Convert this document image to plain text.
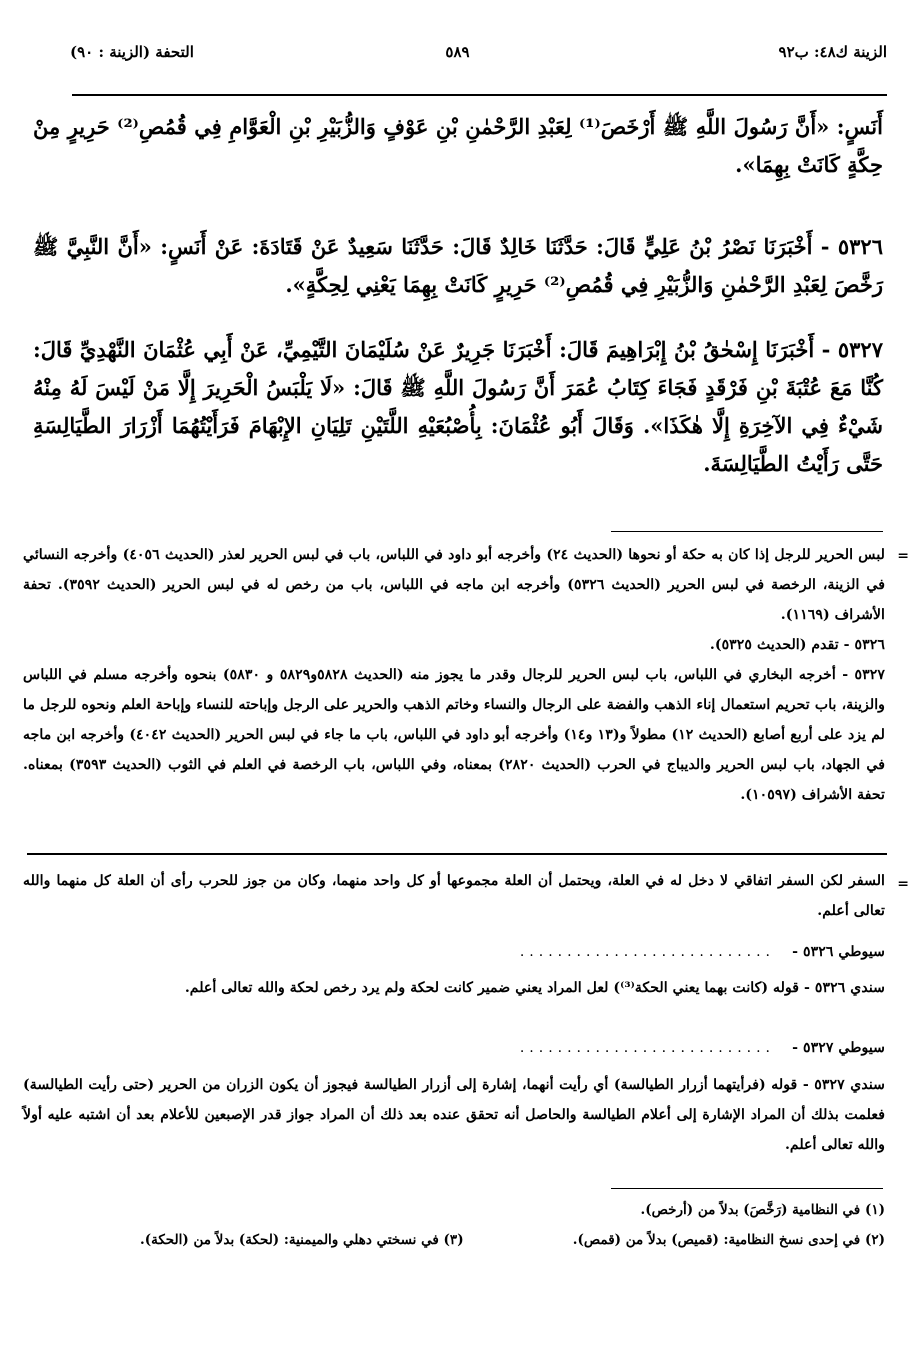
الزينة ك٤٨: ب٩٢
٥٨٩
التحفة (الزينة : ٩٠)

أَنَسٍ: «أَنَّ رَسُولَ اللَّهِ ﷺ أَرْخَصَ⁽¹⁾ لِعَبْدِ الرَّحْمٰنِ بْنِ عَوْفٍ وَالزُّبَيْرِ بْنِ الْعَوَّامِ فِي قُمُصِ⁽²⁾ حَرِيرٍ مِنْ حِكَّةٍ كَانَتْ بِهِمَا».

٥٣٢٦ - أَخْبَرَنَا نَصْرُ بْنُ عَلِيٍّ قَالَ: حَدَّثَنَا خَالِدٌ قَالَ: حَدَّثَنَا سَعِيدٌ عَنْ قَتَادَةَ: عَنْ أَنَسٍ: «أَنَّ النَّبِيَّ ﷺ رَخَّصَ لِعَبْدِ الرَّحْمٰنِ وَالزُّبَيْرِ فِي قُمُصِ⁽²⁾ حَرِيرٍ كَانَتْ بِهِمَا يَعْنِي لِحِكَّةٍ».

٥٣٢٧ - أَخْبَرَنَا إِسْحٰقُ بْنُ إِبْرَاهِيمَ قَالَ: أَخْبَرَنَا جَرِيرٌ عَنْ سُلَيْمَانَ التَّيْمِيِّ، عَنْ أَبِي عُثْمَانَ النَّهْدِيِّ قَالَ: كُنَّا مَعَ عُتْبَةَ بْنِ فَرْقَدٍ فَجَاءَ كِتَابُ عُمَرَ أَنَّ رَسُولَ اللَّهِ ﷺ قَالَ: «لَا يَلْبَسُ الْحَرِيرَ إِلَّا مَنْ لَيْسَ لَهُ مِنْهُ شَيْءٌ فِي الآخِرَةِ إِلَّا هٰكَذَا». وَقَالَ أَبُو عُثْمَانَ: بِأُصْبُعَيْهِ اللَّتَيْنِ تَلِيَانِ الإِبْهَامَ فَرَأَيْتُهُمَا أَزْرَارَ الطَّيَالِسَةِ حَتَّى رَأَيْتُ الطَّيَالِسَةَ.

=

لبس الحرير للرجل إذا كان به حكة أو نحوها (الحديث ٢٤) وأخرجه أبو داود في اللباس، باب في لبس الحرير لعذر (الحديث ٤٠٥٦) وأخرجه النسائي في الزينة، الرخصة في لبس الحرير (الحديث ٥٣٢٦) وأخرجه ابن ماجه في اللباس، باب من رخص له في لبس الحرير (الحديث ٣٥٩٢). تحفة الأشراف (١١٦٩).

٥٣٢٦ - تقدم (الحديث ٥٣٢٥).

٥٣٢٧ - أخرجه البخاري في اللباس، باب لبس الحرير للرجال وقدر ما يجوز منه (الحديث ٥٨٢٨و٥٨٢٩ و ٥٨٣٠) بنحوه وأخرجه مسلم في اللباس والزينة، باب تحريم استعمال إناء الذهب والفضة على الرجال والنساء وخاتم الذهب والحرير على الرجل وإباحته للنساء وإباحة العلم ونحوه للرجل ما لم يزد على أربع أصابع (الحديث ١٢) مطولاً و(١٣ و١٤) وأخرجه أبو داود في اللباس، باب ما جاء في لبس الحرير (الحديث ٤٠٤٢) وأخرجه ابن ماجه في الجهاد، باب لبس الحرير والديباج في الحرب (الحديث ٢٨٢٠) بمعناه، وفي اللباس، باب الرخصة في العلم في الثوب (الحديث ٣٥٩٣) بمعناه. تحفة الأشراف (١٠٥٩٧).

=

السفر لكن السفر اتفاقي لا دخل له في العلة، ويحتمل أن العلة مجموعها أو كل واحد منهما، وكان من جوز للحرب رأى أن العلة كل منهما والله تعالى أعلم.

سيوطي ٥٣٢٦ -
...........................

سندي ٥٣٢٦ - قوله (كانت بهما يعني الحكة⁽³⁾) لعل المراد يعني ضمير كانت لحكة ولم يرد رخص لحكة والله تعالى أعلم.

سيوطي ٥٣٢٧ -
...........................

سندي ٥٣٢٧ - قوله (فرأيتهما أزرار الطيالسة) أي رأيت أنهما، إشارة إلى أزرار الطيالسة فيجوز أن يكون الزران من الحرير (حتى رأيت الطيالسة) فعلمت بذلك أن المراد الإشارة إلى أعلام الطيالسة والحاصل أنه تحقق عنده بعد ذلك أن المراد جواز قدر الإصبعين للأعلام بعد أن اشتبه عليه أولاً والله تعالى أعلم.

(١) في النظامية (رَخَّصَ) بدلاً من (أرخص).
(٢) في إحدى نسخ النظامية: (قميص) بدلاً من (قمص).
(٣) في نسختي دهلي والميمنية: (لحكة) بدلاً من (الحكة).
